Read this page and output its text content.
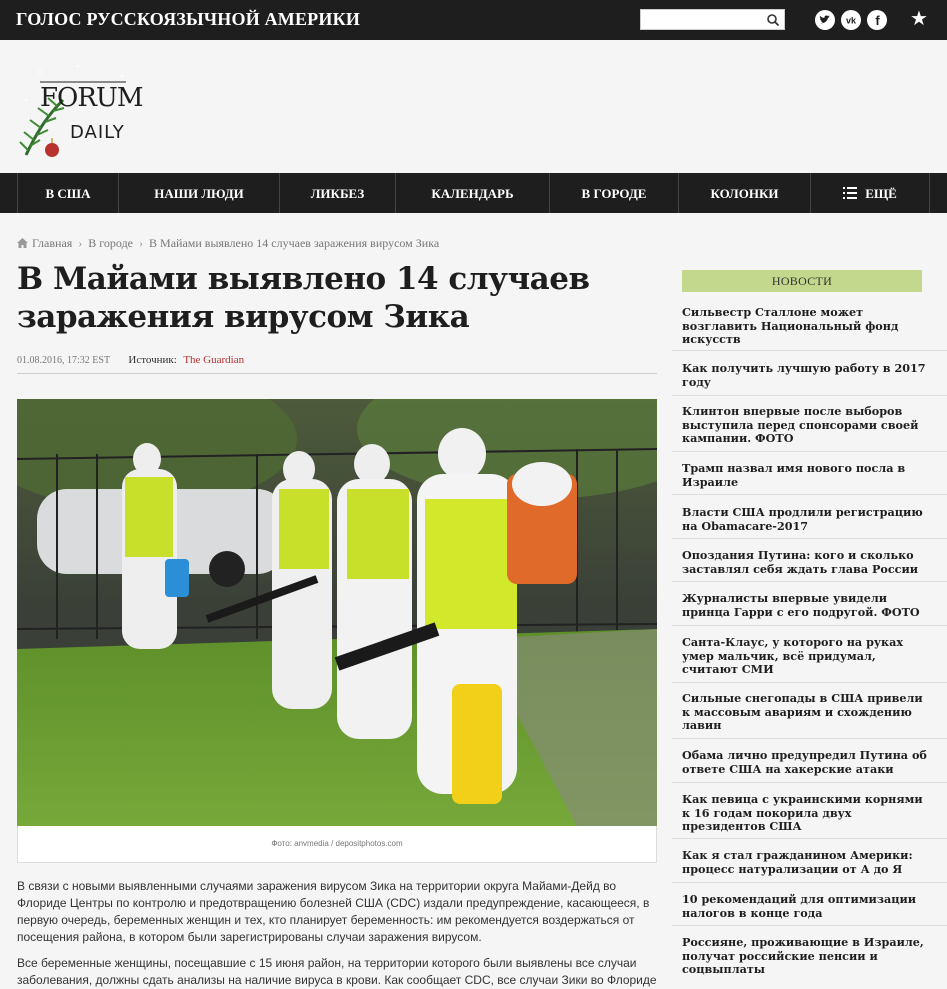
ГОЛОС РУССКОЯЗЫЧНОЙ АМЕРИКИ	vk f ★
FORUM
DAILY
В США	НАШИ ЛЮДИ	ЛИКБЕЗ	КАЛЕНДАРЬ	В ГОРОДЕ	КОЛОНКИ	ЕЩЁ
Главная › В городе › В Майами выявлено 14 случаев заражения вирусом Зика
В Майами выявлено 14 случаев заражения вирусом Зика
01.08.2016, 17:32 EST Источник: The Guardian
Фото: anvmedia / depositphotos.com

В связи с новыми выявленными случаями заражения вирусом Зика на территории округа Майами-Дейд во Флориде Центры по контролю и предотвращению болезней США (CDC) издали предупреждение, касающееся, в первую очередь, беременных женщин и тех, кто планирует беременность: им рекомендуется воздержаться от посещения района, в котором были зарегистрированы случаи заражения вирусом.

Все беременные женщины, посещавшие с 15 июня район, на территории которого были выявлены все случаи заболевания, должны сдать анализы на наличие вируса в крови. Как сообщает CDC, все случаи Зики во Флориде

НОВОСТИ
Сильвестр Сталлоне может возглавить Национальный фонд искусств
Как получить лучшую работу в 2017 году
Клинтон впервые после выборов выступила перед спонсорами своей кампании. ФОТО
Трамп назвал имя нового посла в Израиле
Власти США продлили регистрацию на Obamacare-2017
Опоздания Путина: кого и сколько заставлял себя ждать глава России
Журналисты впервые увидели принца Гарри с его подругой. ФОТО
Санта-Клаус, у которого на руках умер мальчик, всё придумал, считают СМИ
Сильные снегопады в США привели к массовым авариям и схождению лавин
Обама лично предупредил Путина об ответе США на хакерские атаки
Как певица с украинскими корнями к 16 годам покорила двух президентов США
Как я стал гражданином Америки: процесс натурализации от А до Я
10 рекомендаций для оптимизации налогов в конце года
Россияне, проживающие в Израиле, получат российские пенсии и соцвыплаты
